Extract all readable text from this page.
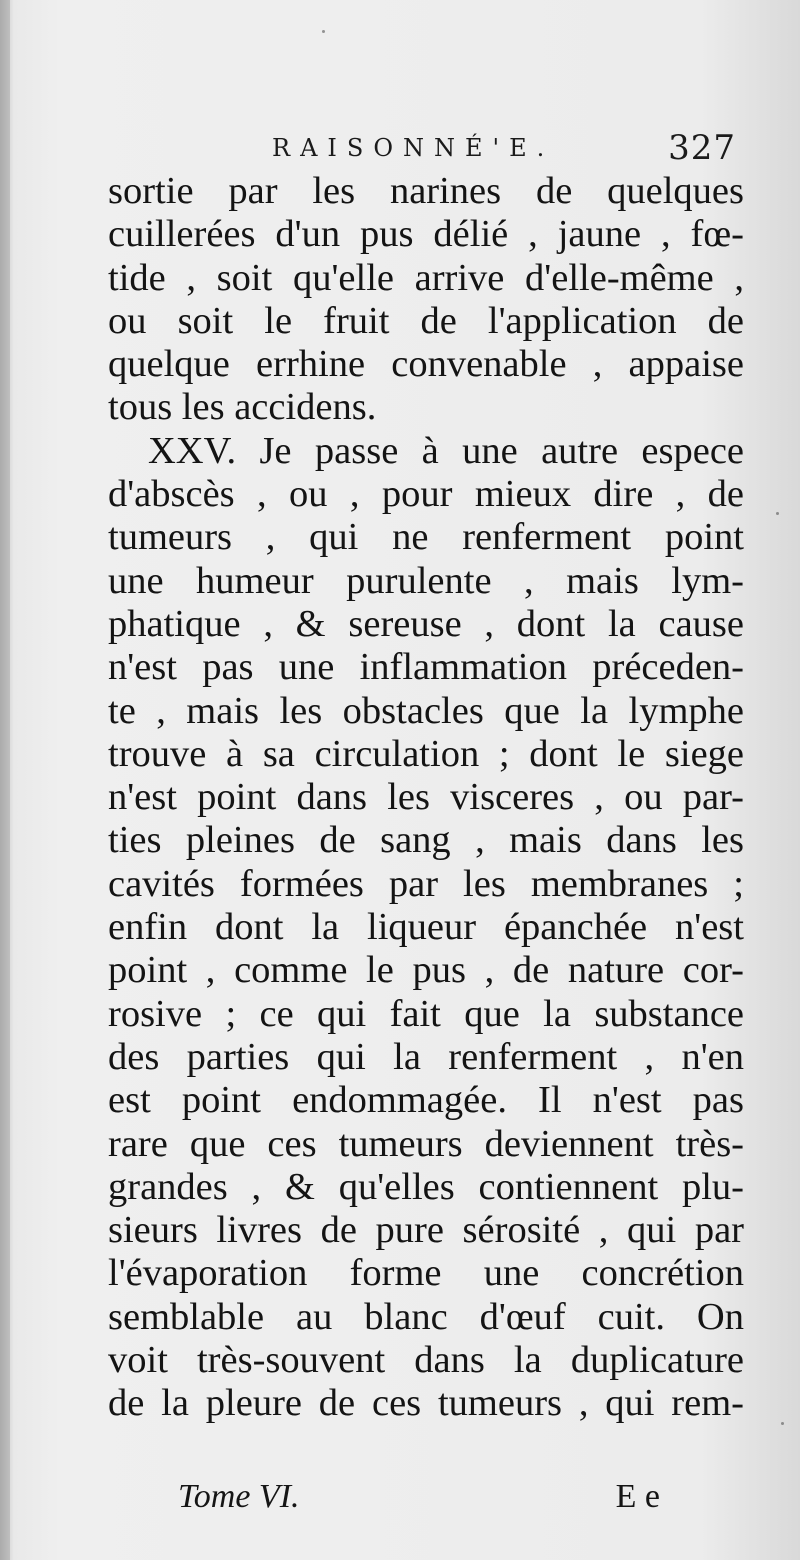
RAISONNÉ'E.	327
sortie par les narines de quelques
cuillerées d'un pus délié , jaune , fœ-
tide , soit qu'elle arrive d'elle-même ,
ou soit le fruit de l'application de
quelque errhine convenable , appaise
tous les accidens.
XXV. Je passe à une autre espece
d'abscès , ou , pour mieux dire , de
tumeurs , qui ne renferment point
une humeur purulente , mais lym-
phatique , & sereuse , dont la cause
n'est pas une inflammation préceden-
te , mais les obstacles que la lymphe
trouve à sa circulation ; dont le siege
n'est point dans les visceres , ou par-
ties pleines de sang , mais dans les
cavités formées par les membranes ;
enfin dont la liqueur épanchée n'est
point , comme le pus , de nature cor-
rosive ; ce qui fait que la substance
des parties qui la renferment , n'en
est point endommagée. Il n'est pas
rare que ces tumeurs deviennent très-
grandes , & qu'elles contiennent plu-
sieurs livres de pure sérosité , qui par
l'évaporation forme une concrétion
semblable au blanc d'œuf cuit. On
voit très-souvent dans la duplicature
de la pleure de ces tumeurs , qui rem-
Tome VI.	E e
